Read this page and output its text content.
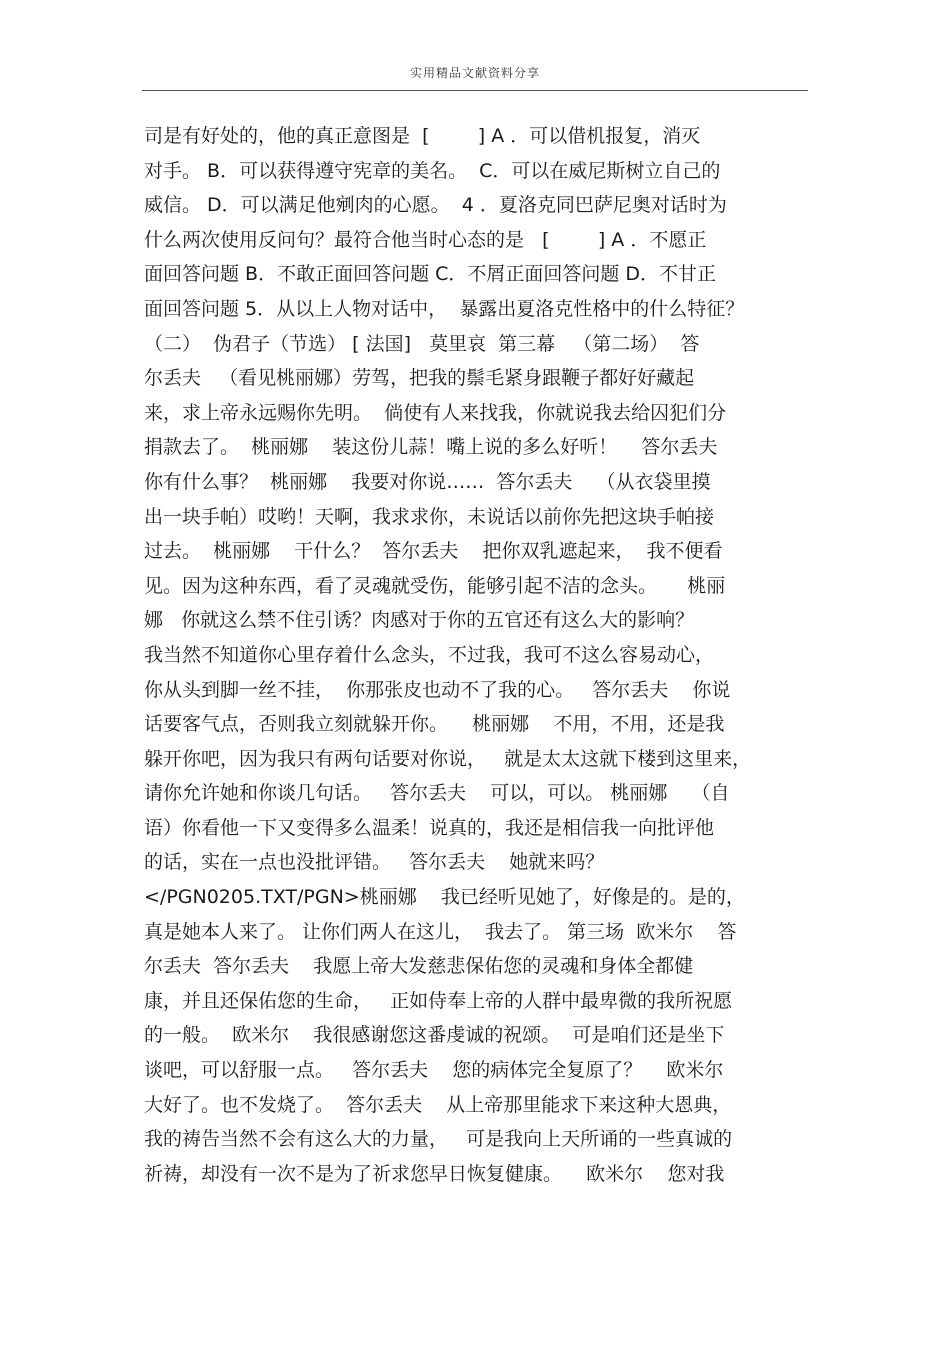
实用精品文献资料分享
司是有好处的，他的真正意图是  [        ] A ．可以借机报复，消灭
对手。 B．可以获得遵守宪章的美名。  C．可以在威尼斯树立自己的
威信。 D．可以满足他剜肉的心愿。  4 ．夏洛克同巴萨尼奥对话时为
什么两次使用反问句？最符合他当时心态的是   [        ] A ．不愿正
面回答问题 B．不敢正面回答问题 C．不屑正面回答问题 D．不甘正
面回答问题 5．从以上人物对话中，  暴露出夏洛克性格中的什么特征？
（二）  伪君子（节选） [ 法国]   莫里哀  第三幕   （第二场）  答
尔丢夫   （看见桃丽娜）劳驾，把我的鬃毛紧身跟鞭子都好好藏起
来，求上帝永远赐你先明。  倘使有人来找我，你就说我去给囚犯们分
捐款去了。  桃丽娜    装这份儿蒜！嘴上说的多么好听！    答尔丢夫
你有什么事？  桃丽娜    我要对你说……  答尔丢夫    （从衣袋里摸
出一块手帕）哎哟！天啊，我求求你，未说话以前你先把这块手帕接
过去。  桃丽娜    干什么？  答尔丢夫    把你双乳遮起来，  我不便看
见。因为这种东西，看了灵魂就受伤，能够引起不洁的念头。     桃丽
娜   你就这么禁不住引诱？肉感对于你的五官还有这么大的影响？
我当然不知道你心里存着什么念头，不过我，我可不这么容易动心，
你从头到脚一丝不挂，  你那张皮也动不了我的心。   答尔丢夫    你说
话要客气点，否则我立刻就躲开你。    桃丽娜    不用，不用，还是我
躲开你吧，因为我只有两句话要对你说，   就是太太这就下楼到这里来，
请你允许她和你谈几句话。   答尔丢夫    可以，可以。 桃丽娜    （自
语）你看他一下又变得多么温柔！说真的，我还是相信我一向批评他
的话，实在一点也没批评错。   答尔丢夫    她就来吗？
</PGN0205.TXT/PGN>桃丽娜    我已经听见她了，好像是的。是的，
真是她本人来了。 让你们两人在这儿，  我去了。 第三场  欧米尔    答
尔丢夫  答尔丢夫    我愿上帝大发慈悲保佑您的灵魂和身体全都健
康，并且还保佑您的生命，   正如侍奉上帝的人群中最卑微的我所祝愿
的一般。  欧米尔    我很感谢您这番虔诚的祝颂。  可是咱们还是坐下
谈吧，可以舒服一点。   答尔丢夫    您的病体完全复原了？    欧米尔
大好了。也不发烧了。  答尔丢夫    从上帝那里能求下来这种大恩典，
我的祷告当然不会有这么大的力量，   可是我向上天所诵的一些真诚的
祈祷，却没有一次不是为了祈求您早日恢复健康。    欧米尔    您对我
